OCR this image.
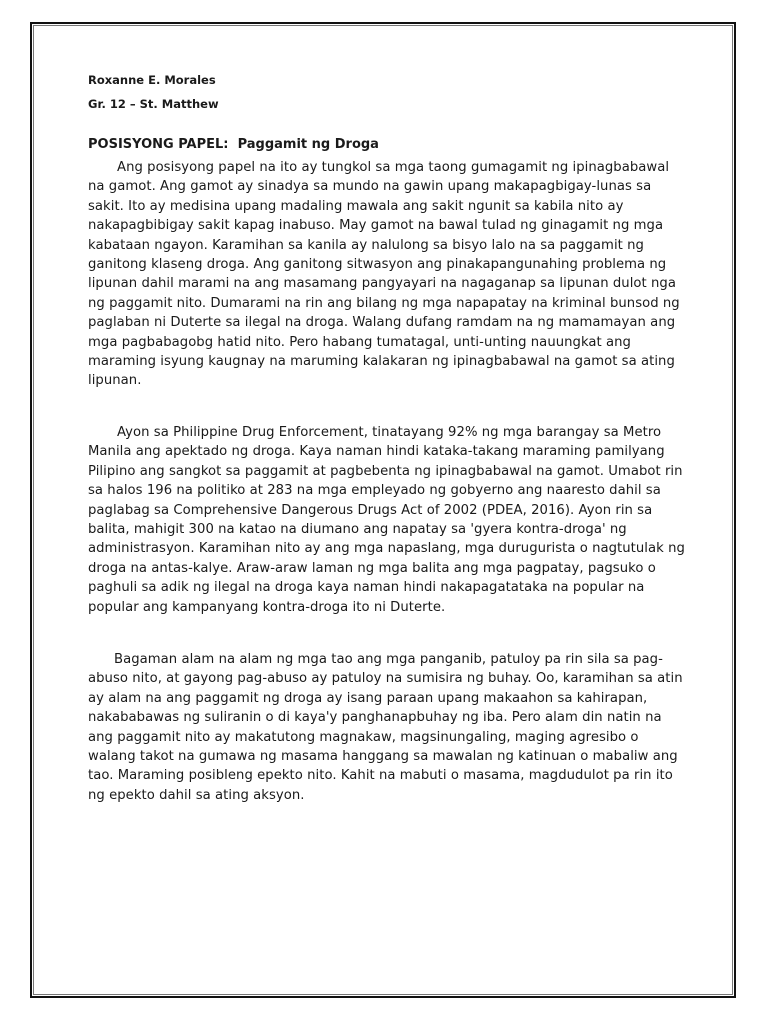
Roxanne E. Morales

Gr. 12 – St. Matthew

POSISYONG PAPEL: Paggamit ng Droga

Ang posisyong papel na ito ay tungkol sa mga taong gumagamit ng ipinagbabawal na gamot. Ang gamot ay sinadya sa mundo na gawin upang makapagbigay-lunas sa sakit. Ito ay medisina upang madaling mawala ang sakit ngunit sa kabila nito ay nakapagbibigay sakit kapag inabuso. May gamot na bawal tulad ng ginagamit ng mga kabataan ngayon. Karamihan sa kanila ay nalulong sa bisyo lalo na sa paggamit ng ganitong klaseng droga. Ang ganitong sitwasyon ang pinakapangunahing problema ng lipunan dahil marami na ang masamang pangyayari na nagaganap sa lipunan dulot nga ng paggamit nito. Dumarami na rin ang bilang ng mga napapatay na kriminal bunsod ng paglaban ni Duterte sa ilegal na droga. Walang dufang ramdam na ng mamamayan ang mga pagbabagobg hatid nito. Pero habang tumatagal, unti-unting nauungkat ang maraming isyung kaugnay na maruming kalakaran ng ipinagbabawal na gamot sa ating lipunan.

Ayon sa Philippine Drug Enforcement, tinatayang 92% ng mga barangay sa Metro Manila ang apektado ng droga. Kaya naman hindi kataka-takang maraming pamilyang Pilipino ang sangkot sa paggamit at pagbebenta ng ipinagbabawal na gamot. Umabot rin sa halos 196 na politiko at 283 na mga empleyado ng gobyerno ang naaresto dahil sa paglabag sa Comprehensive Dangerous Drugs Act of 2002 (PDEA, 2016). Ayon rin sa balita, mahigit 300 na katao na diumano ang napatay sa 'gyera kontra-droga' ng administrasyon. Karamihan nito ay ang mga napaslang, mga durugurista o nagtutulak ng droga na antas-kalye. Araw-araw laman ng mga balita ang mga pagpatay, pagsuko o paghuli sa adik ng ilegal na droga kaya naman hindi nakapagatataka na popular na popular ang kampanyang kontra-droga ito ni Duterte.

Bagaman alam na alam ng mga tao ang mga panganib, patuloy pa rin sila sa pag-abuso nito, at gayong pag-abuso ay patuloy na sumisira ng buhay. Oo, karamihan sa atin ay alam na ang paggamit ng droga ay isang paraan upang makaahon sa kahirapan, nakababawas ng suliranin o di kaya'y panghanapbuhay ng iba. Pero alam din natin na ang paggamit nito ay makatutong magnakaw, magsinungaling, maging agresibo o walang takot na gumawa ng masama hanggang sa mawalan ng katinuan o mabaliw ang tao. Maraming posibleng epekto nito. Kahit na mabuti o masama, magdudulot pa rin ito ng epekto dahil sa ating aksyon.
